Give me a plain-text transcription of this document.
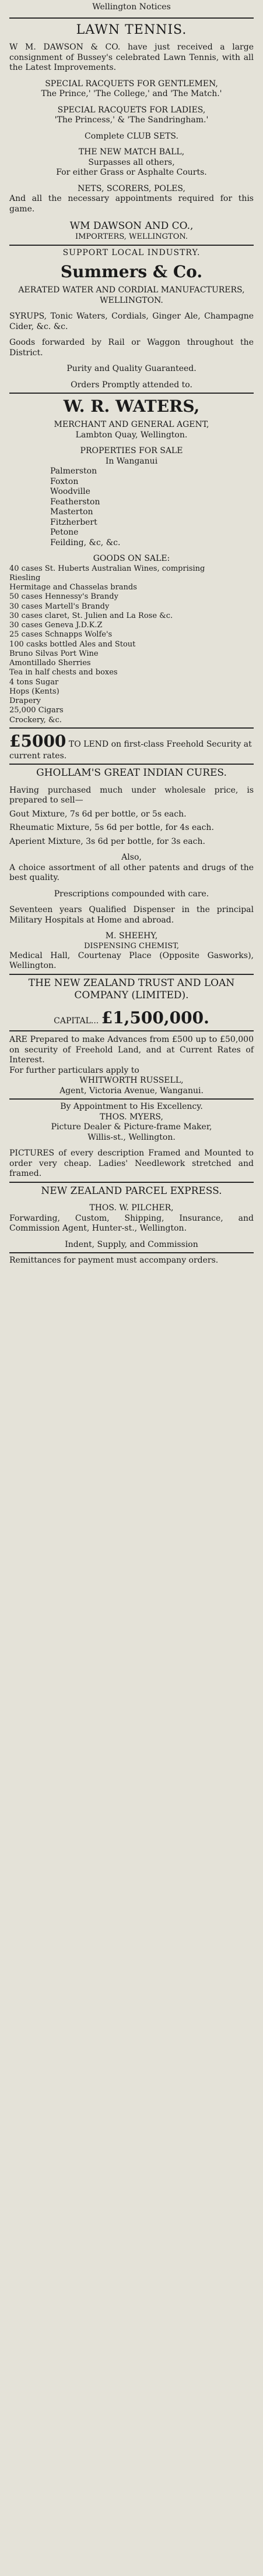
Wellington Notices
LAWN TENNIS.
W M. DAWSON & CO. have just received a large consignment of Bussey's celebrated Lawn Tennis, with all the Latest Improvements.
SPECIAL RACQUETS FOR GENTLEMEN,
The Prince,' 'The College,' and 'The Match.'
SPECIAL RACQUETS FOR LADIES,
'The Princess,' & 'The Sandringham.'
Complete CLUB SETS.
THE NEW MATCH BALL,
Surpasses all others,
For either Grass or Asphalte Courts.
NETS, SCORERS, POLES,
And all the necessary appointments required for this game.
WM DAWSON AND CO.,
IMPORTERS, WELLINGTON.
SUPPORT LOCAL INDUSTRY.
Summers & Co.
AERATED WATER AND CORDIAL MANUFACTURERS, WELLINGTON.
SYRUPS, Tonic Waters, Cordials, Ginger Ale, Champagne Cider, &c. &c.
Goods forwarded by Rail or Waggon throughout the District.
Purity and Quality Guaranteed.
Orders Promptly attended to.
W. R. WATERS,
MERCHANT AND GENERAL AGENT,
Lambton Quay, Wellington.
PROPERTIES FOR SALE
In Wanganui
Palmerston
Foxton
Woodville
Featherston
Masterton
Fitzherbert
Petone
Feilding, &c, &c.
GOODS ON SALE:
40 cases St. Huberts Australian Wines, comprising
Riesling
Hermitage and Chasselas brands
50 cases Hennessy's Brandy
30 cases Martell's Brandy
30 cases claret, St. Julien and La Rose &c.
30 cases Geneva J.D.K.Z
25 cases Schnapps Wolfe's
100 casks bottled Ales and Stout
Bruno Silvas Port Wine
Amontillado Sherries
Tea in half chests and boxes
4 tons Sugar
Hops (Kents)
Drapery
25,000 Cigars
Crockery, &c.
£5000 TO LEND on first-class Freehold Security at current rates.
GHOLLAM'S GREAT INDIAN CURES.
Having purchased much under wholesale price, is prepared to sell—
Gout Mixture, 7s 6d per bottle, or 5s each.
Rheumatic Mixture, 5s 6d per bottle, for 4s each.
Aperient Mixture, 3s 6d per bottle, for 3s each.
Also,
A choice assortment of all other patents and drugs of the best quality.
Prescriptions compounded with care.
Seventeen years Qualified Dispenser in the principal Military Hospitals at Home and abroad.
M. SHEEHY,
DISPENSING CHEMIST,
Medical Hall, Courtenay Place (Opposite Gasworks), Wellington.
THE NEW ZEALAND TRUST AND LOAN COMPANY (LIMITED).
CAPITAL... £1,500,000.
ARE Prepared to make Advances from £500 up to £50,000 on security of Freehold Land, and at Current Rates of Interest.
For further particulars apply to
WHITWORTH RUSSELL,
Agent, Victoria Avenue, Wanganui.
By Appointment to His Excellency.
THOS. MYERS,
Picture Dealer & Picture-frame Maker,
Willis-st., Wellington.
PICTURES of every description Framed and Mounted to order very cheap. Ladies' Needlework stretched and framed.
NEW ZEALAND PARCEL EXPRESS.
THOS. W. PILCHER,
Forwarding, Custom, Shipping, Insurance, and Commission Agent, Hunter-st., Wellington.
Indent, Supply, and Commission
Remittances for payment must accompany orders.
